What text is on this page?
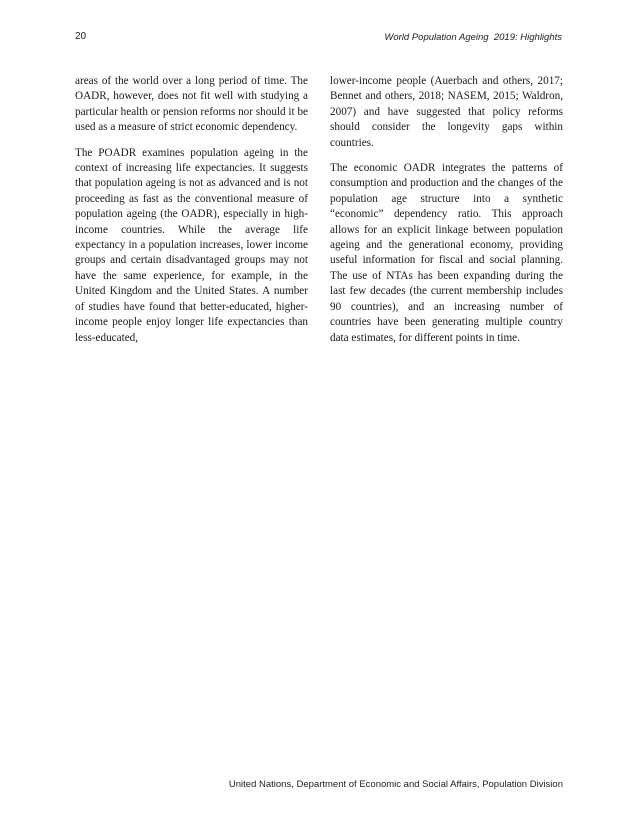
20	World Population Ageing  2019: Highlights

areas of the world over a long period of time. The OADR, however, does not fit well with studying a particular health or pension reforms nor should it be used as a measure of strict economic dependency.

The POADR examines population ageing in the context of increasing life expectancies. It suggests that population ageing is not as advanced and is not proceeding as fast as the conventional measure of population ageing (the OADR), especially in high-income countries. While the average life expectancy in a population increases, lower income groups and certain disadvantaged groups may not have the same experience, for example, in the United Kingdom and the United States. A number of studies have found that better-educated, higher-income people enjoy longer life expectancies than less-educated,

lower-income people (Auerbach and others, 2017; Bennet and others, 2018; NASEM, 2015; Waldron, 2007) and have suggested that policy reforms should consider the longevity gaps within countries.

The economic OADR integrates the patterns of consumption and production and the changes of the population age structure into a synthetic “economic” dependency ratio. This approach allows for an explicit linkage between population ageing and the generational economy, providing useful information for fiscal and social planning. The use of NTAs has been expanding during the last few decades (the current membership includes 90 countries), and an increasing number of countries have been generating multiple country data estimates, for different points in time.

United Nations, Department of Economic and Social Affairs, Population Division
